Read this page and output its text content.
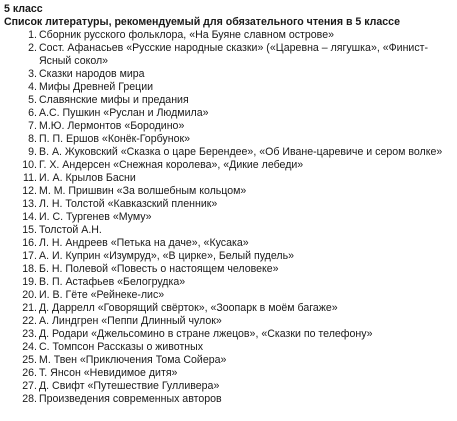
5 класс
Список литературы, рекомендуемый для обязательного чтения в 5 классе
1. Сборник русского фольклора, «На Буяне славном острове»
2. Сост. Афанасьев «Русские народные сказки» («Царевна – лягушка», «Финист-Ясный сокол»
3. Сказки народов мира
4. Мифы Древней Греции
5. Славянские мифы и предания
6. А.С. Пушкин «Руслан и Людмила»
7. М.Ю. Лермонтов «Бородино»
8. П. П. Ершов «Конёк-Горбунок»
9. В. А. Жуковский «Сказка о царе Берендее», «Об Иване-царевиче и сером волке»
10. Г. Х. Андерсен «Снежная королева», «Дикие лебеди»
11. И. А. Крылов Басни
12. М. М. Пришвин «За волшебным кольцом»
13. Л. Н. Толстой «Кавказский пленник»
14. И. С. Тургенев «Муму»
15. Толстой А.Н.
16. Л. Н. Андреев «Петька на даче», «Кусака»
17. А. И. Куприн «Изумруд», «В цирке», Белый пудель»
18. Б. Н. Полевой «Повесть о настоящем человеке»
19. В. П. Астафьев «Белогрудка»
20. И. В. Гёте «Рейнеке-лис»
21. Д. Даррелл «Говорящий свёрток», «Зоопарк в моём багаже»
22. А. Линдгрен «Пеппи Длинный чулок»
23. Д. Родари «Джельсомино в стране лжецов», «Сказки по телефону»
24. С. Томпсон Рассказы о животных
25. М. Твен «Приключения Тома Сойера»
26. Т. Янсон «Невидимое дитя»
27. Д. Свифт «Путешествие Гулливера»
28. Произведения современных авторов
